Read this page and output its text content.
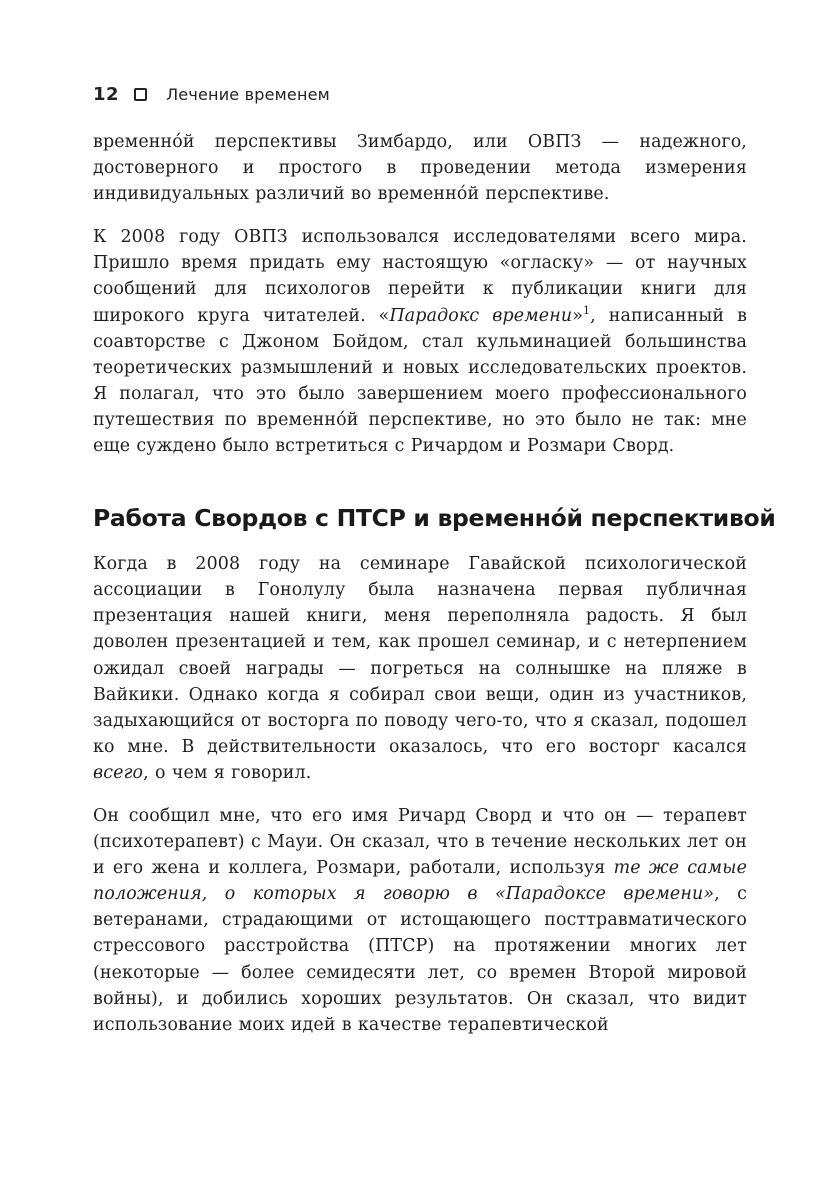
12	Лечение временем

временно́й перспективы Зимбардо, или ОВПЗ — надежного, достоверного и простого в проведении метода измерения индивидуальных различий во временно́й перспективе.

К 2008 году ОВПЗ использовался исследователями всего мира. Пришло время придать ему настоящую «огласку» — от научных сообщений для психологов перейти к публикации книги для широкого круга читателей. «Парадокс времени»$^1$, написанный в соавторстве с Джоном Бойдом, стал кульминацией большинства теоретических размышлений и новых исследовательских проектов. Я полагал, что это было завершением моего профессионального путешествия по временно́й перспективе, но это было не так: мне еще суждено было встретиться с Ричардом и Розмари Сворд.

Работа Свордов с ПТСР и временно́й перспективой

Когда в 2008 году на семинаре Гавайской психологической ассоциации в Гонолулу была назначена первая публичная презентация нашей книги, меня переполняла радость. Я был доволен презентацией и тем, как прошел семинар, и с нетерпением ожидал своей награды — погреться на солнышке на пляже в Вайкики. Однако когда я собирал свои вещи, один из участников, задыхающийся от восторга по поводу чего-то, что я сказал, подошел ко мне. В действительности оказалось, что его восторг касался всего, о чем я говорил.

Он сообщил мне, что его имя Ричард Сворд и что он — терапевт (психотерапевт) с Мауи. Он сказал, что в течение нескольких лет он и его жена и коллега, Розмари, работали, используя те же самые положения, о которых я говорю в «Парадоксе времени», с ветеранами, страдающими от истощающего посттравматического стрессового расстройства (ПТСР) на протяжении многих лет (некоторые — более семидесяти лет, со времен Второй мировой войны), и добились хороших результатов. Он сказал, что видит использование моих идей в качестве терапевтической
